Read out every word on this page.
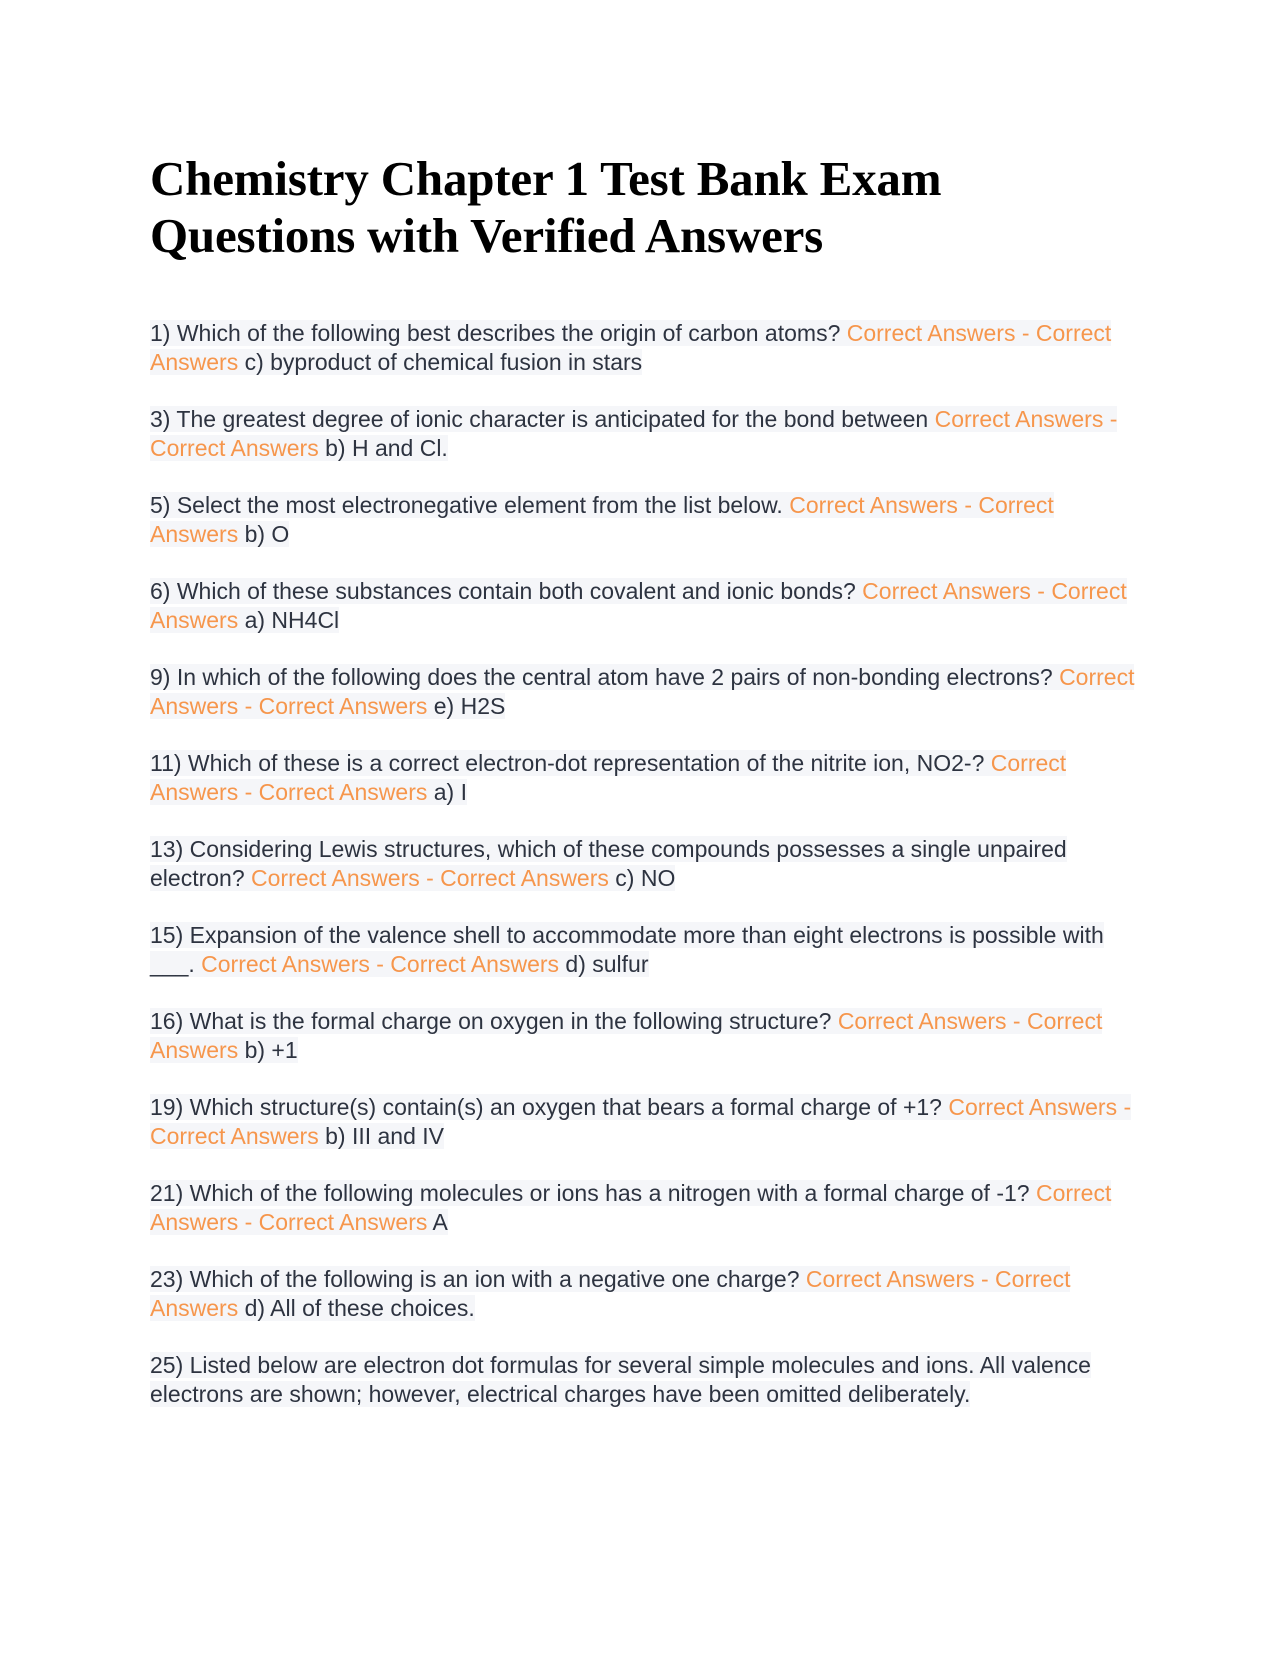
Chemistry Chapter 1 Test Bank Exam Questions with Verified Answers

1) Which of the following best describes the origin of carbon atoms? Correct Answers - Correct Answers c) byproduct of chemical fusion in stars

3) The greatest degree of ionic character is anticipated for the bond between Correct Answers - Correct Answers b) H and Cl.

5) Select the most electronegative element from the list below. Correct Answers - Correct Answers b) O

6) Which of these substances contain both covalent and ionic bonds? Correct Answers - Correct Answers a) NH4Cl

9) In which of the following does the central atom have 2 pairs of non-bonding electrons? Correct Answers - Correct Answers e) H2S

11) Which of these is a correct electron-dot representation of the nitrite ion, NO2-? Correct Answers - Correct Answers a) I

13) Considering Lewis structures, which of these compounds possesses a single unpaired electron? Correct Answers - Correct Answers c) NO

15) Expansion of the valence shell to accommodate more than eight electrons is possible with ___. Correct Answers - Correct Answers d) sulfur

16) What is the formal charge on oxygen in the following structure? Correct Answers - Correct Answers b) +1

19) Which structure(s) contain(s) an oxygen that bears a formal charge of +1? Correct Answers - Correct Answers b) III and IV

21) Which of the following molecules or ions has a nitrogen with a formal charge of -1? Correct Answers - Correct Answers A

23) Which of the following is an ion with a negative one charge? Correct Answers - Correct Answers d) All of these choices.

25) Listed below are electron dot formulas for several simple molecules and ions. All valence electrons are shown; however, electrical charges have been omitted deliberately.
